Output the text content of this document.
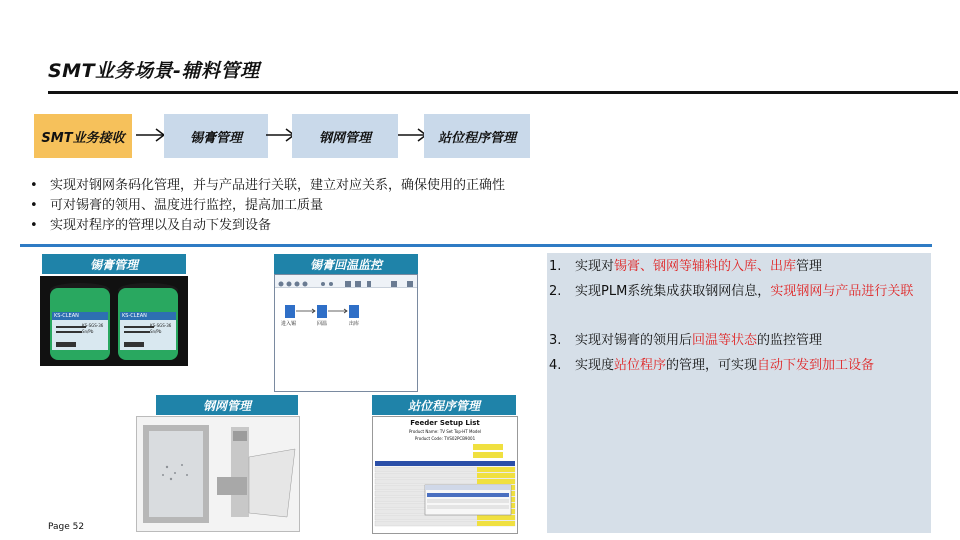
SMT业务场景-辅料管理
SMT业务接收	锡膏管理	钢网管理	站位程序管理
• 实现对钢网条码化管理，并与产品进行关联，建立对应关系，确保使用的正确性
• 可对锡膏的领用、温度进行监控，提高加工质量
• 实现对程序的管理以及自动下发到设备
锡膏管理
KS-CLEAN
KS-SGS-36
Sn/Pb
KS-CLEAN
KS-SGS-36
Sn/Pb
锡膏回温监控
进入锡	回温	出库
钢网管理	站位程序管理
Feeder Setup List
Product Name: TV Set Top-HT Model
Product Code: TVS02PCB9001
1.	实现对锡膏、钢网等辅料的入库、出库管理
2.	实现PLM系统集成获取钢网信息，实现钢网与产品进行关联
3.	实现对锡膏的领用后回温等状态的监控管理
4.	实现度站位程序的管理，可实现自动下发到加工设备
Page 52
